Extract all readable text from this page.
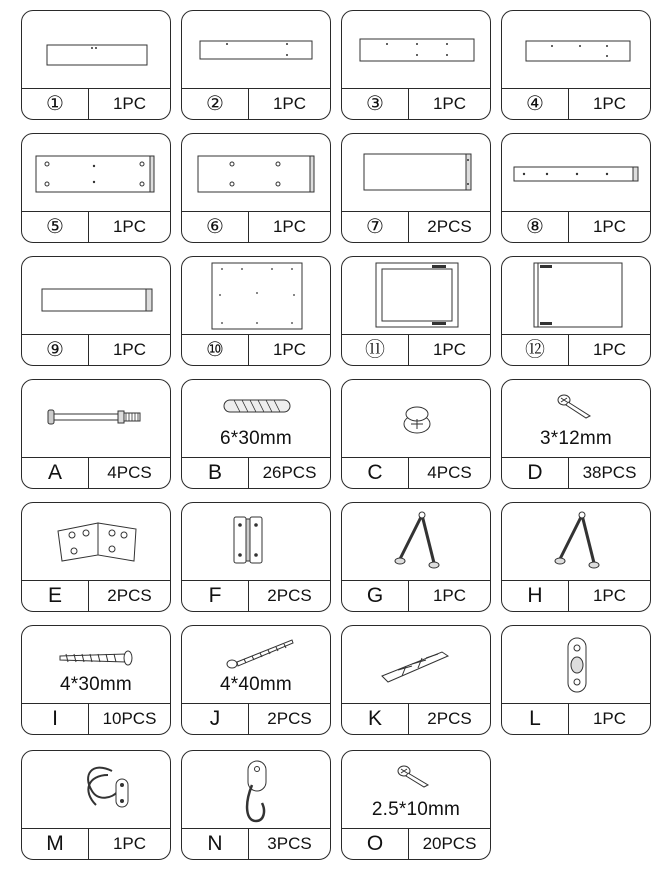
①	1PC	②	1PC	③	1PC	④	1PC
⑤	1PC	⑥	1PC	⑦	2PCS	⑧	1PC
⑨	1PC	⑩	1PC	⑪	1PC	⑫	1PC
A	4PCS
6*30mm
B	26PCS	C	4PCS
3*12mm
D	38PCS
E	2PCS	F	2PCS	G	1PC	H	1PC
4*30mm
I	10PCS
4*40mm
J	2PCS	K	2PCS	L	1PC
M	1PC	N	3PCS
2.5*10mm
O	20PCS
